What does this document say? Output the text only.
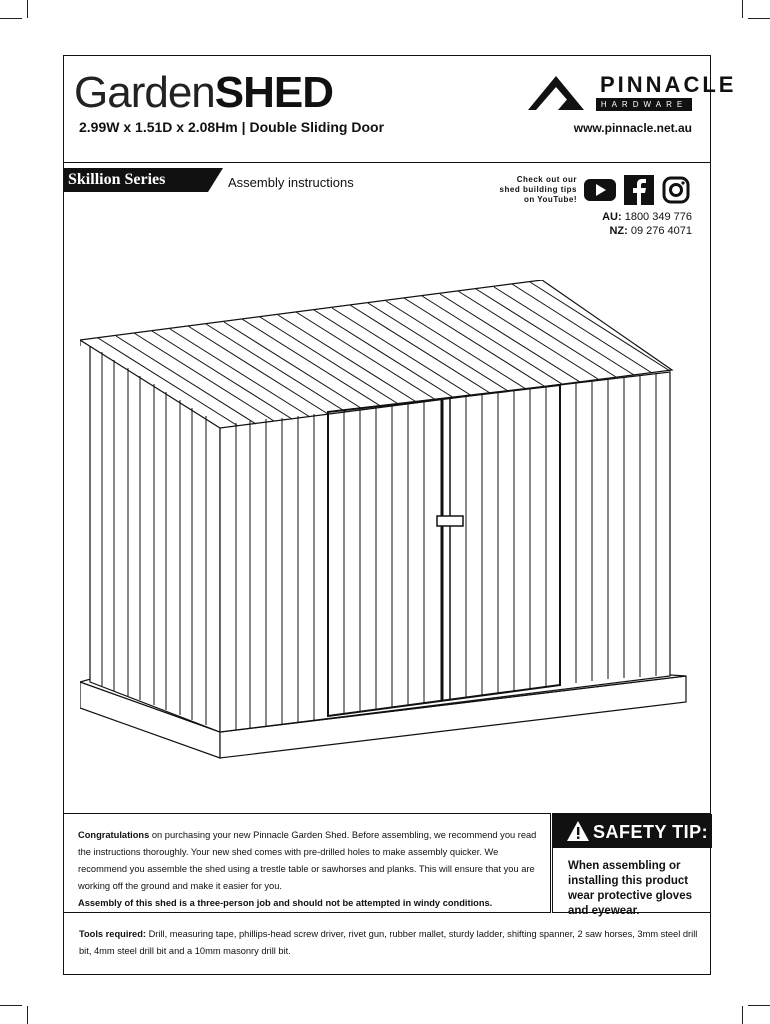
GardenSHED
2.99W x 1.51D x 2.08Hm | Double Sliding Door	www.pinnacle.net.au
PINNACLE
HARDWARE
Skillion Series	Assembly instructions	Check out our shed building tips on YouTube!
AU: 1800 349 776
NZ: 09 276 4071

Congratulations on purchasing your new Pinnacle Garden Shed. Before assembling, we recommend you read the instructions thoroughly. Your new shed comes with pre-drilled holes to make assembly quicker. We recommend you assemble the shed using a trestle table or sawhorses and planks. This will ensure that you are working off the ground and make it easier for you.
Assembly of this shed is a three-person job and should not be attempted in windy conditions.

SAFETY TIP:
When assembling or installing this product wear protective gloves and eyewear.
Tools required: Drill, measuring tape, phillips-head screw driver, rivet gun, rubber mallet, sturdy ladder, shifting spanner, 2 saw horses, 3mm steel drill bit, 4mm steel drill bit and a 10mm masonry drill bit.
